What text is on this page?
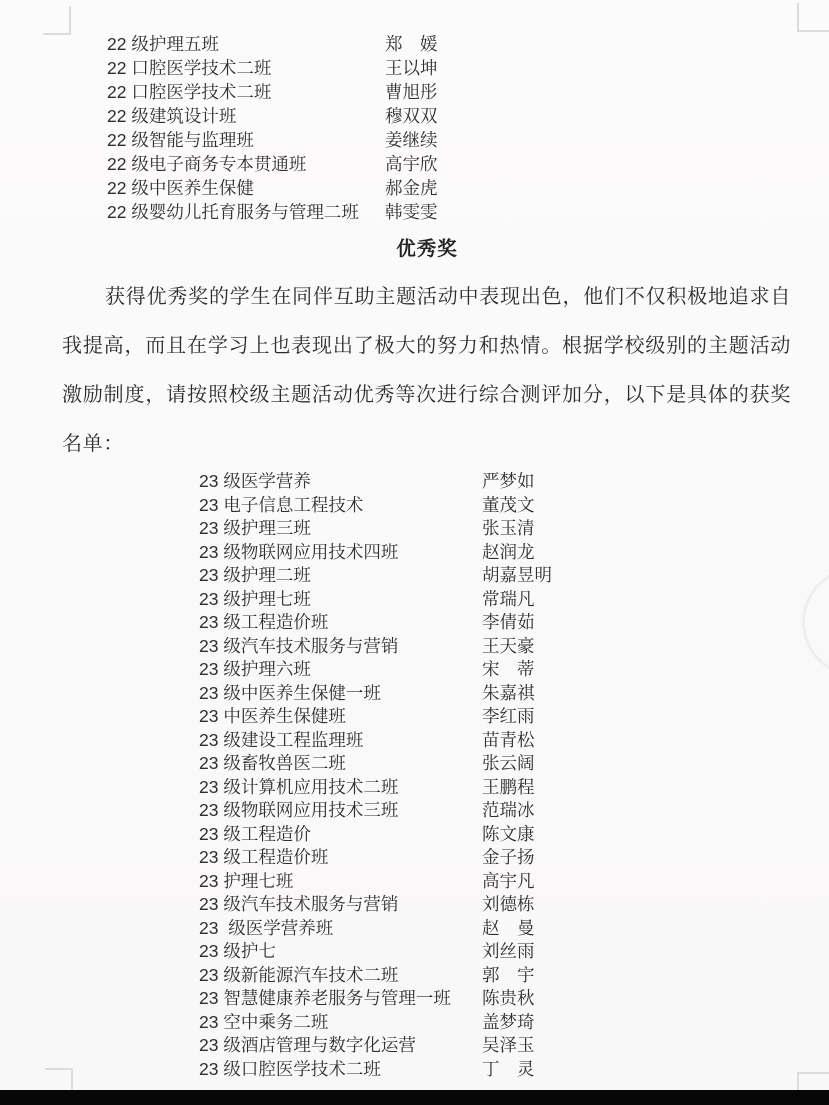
22 级护理五班	郑　媛
22 口腔医学技术二班	王以坤
22 口腔医学技术二班	曹旭彤
22 级建筑设计班	穆双双
22 级智能与监理班	姜继续
22 级电子商务专本贯通班	高宇欣
22 级中医养生保健	郝金虎
22 级婴幼儿托育服务与管理二班	韩雯雯
优秀奖
获得优秀奖的学生在同伴互助主题活动中表现出色，他们不仅积极地追求自我提高，而且在学习上也表现出了极大的努力和热情。根据学校级别的主题活动激励制度，请按照校级主题活动优秀等次进行综合测评加分，以下是具体的获奖名单：
23 级医学营养	严梦如
23 电子信息工程技术	董茂文
23 级护理三班	张玉清
23 级物联网应用技术四班	赵润龙
23 级护理二班	胡嘉昱明
23 级护理七班	常瑞凡
23 级工程造价班	李倩茹
23 级汽车技术服务与营销	王天豪
23 级护理六班	宋　蒂
23 级中医养生保健一班	朱嘉祺
23 中医养生保健班	李红雨
23 级建设工程监理班	苗青松
23 级畜牧兽医二班	张云阔
23 级计算机应用技术二班	王鹏程
23 级物联网应用技术三班	范瑞冰
23 级工程造价	陈文康
23 级工程造价班	金子扬
23 护理七班	高宇凡
23 级汽车技术服务与营销	刘德栋
23  级医学营养班	赵　曼
23 级护七	刘丝雨
23 级新能源汽车技术二班	郭　宇
23 智慧健康养老服务与管理一班	陈贵秋
23 空中乘务二班	盖梦琦
23 级酒店管理与数字化运营	吴泽玉
23 级口腔医学技术二班	丁　灵
